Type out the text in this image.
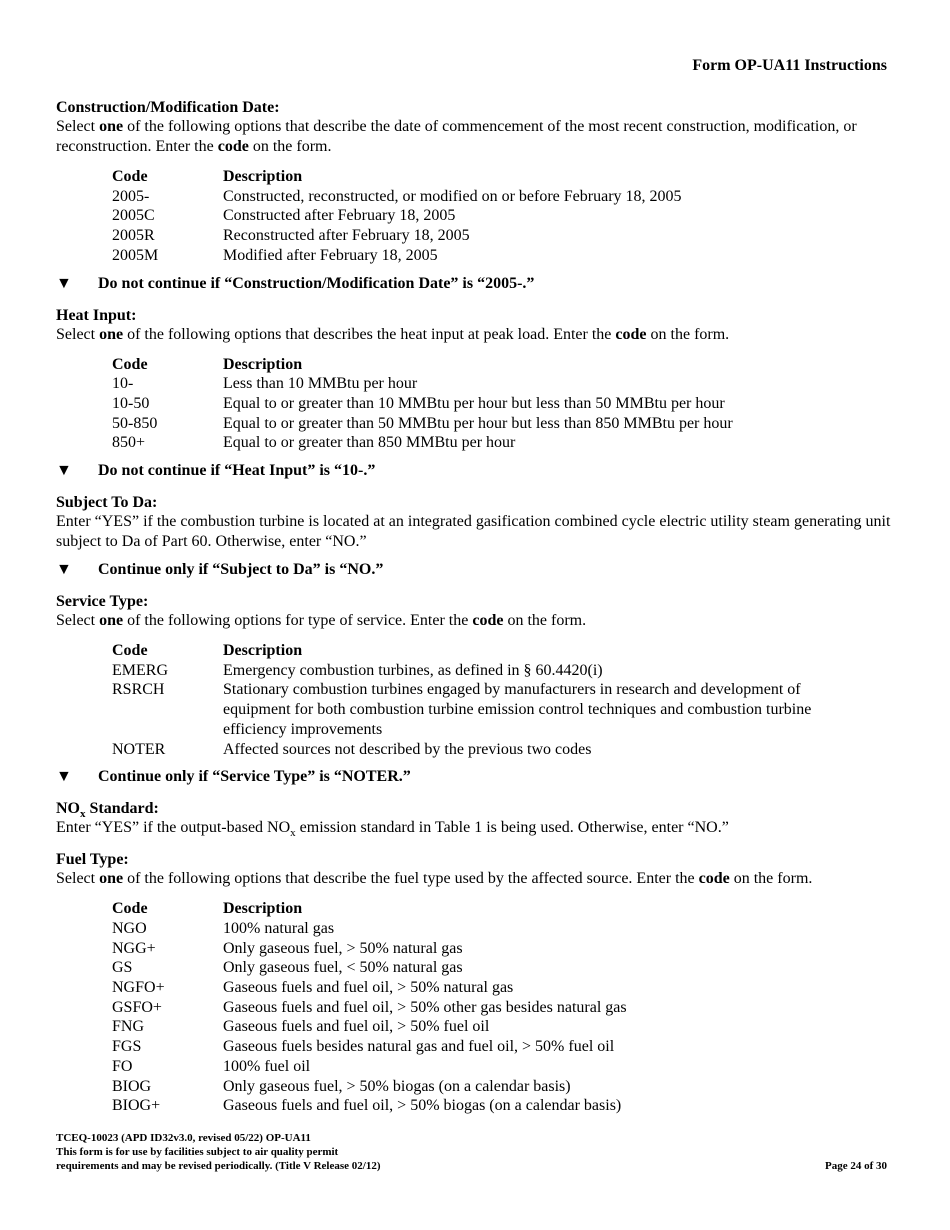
Form OP-UA11 Instructions
Construction/Modification Date:
Select one of the following options that describe the date of commencement of the most recent construction, modification, or reconstruction. Enter the code on the form.
Code	Description
2005-	Constructed, reconstructed, or modified on or before February 18, 2005
2005C	Constructed after February 18, 2005
2005R	Reconstructed after February 18, 2005
2005M	Modified after February 18, 2005
▼	Do not continue if “Construction/Modification Date” is “2005-.”
Heat Input:
Select one of the following options that describes the heat input at peak load. Enter the code on the form.
Code	Description
10-	Less than 10 MMBtu per hour
10-50	Equal to or greater than 10 MMBtu per hour but less than 50 MMBtu per hour
50-850	Equal to or greater than 50 MMBtu per hour but less than 850 MMBtu per hour
850+	Equal to or greater than 850 MMBtu per hour
▼	Do not continue if “Heat Input” is “10-.”
Subject To Da:
Enter “YES” if the combustion turbine is located at an integrated gasification combined cycle electric utility steam generating unit subject to Da of Part 60. Otherwise, enter “NO.”
▼	Continue only if “Subject to Da” is “NO.”
Service Type:
Select one of the following options for type of service. Enter the code on the form.
Code	Description
EMERG	Emergency combustion turbines, as defined in § 60.4420(i)
RSRCH	Stationary combustion turbines engaged by manufacturers in research and development of equipment for both combustion turbine emission control techniques and combustion turbine efficiency improvements
NOTER	Affected sources not described by the previous two codes
▼	Continue only if “Service Type” is “NOTER.”
$NO_x$ Standard:
Enter “YES” if the output-based $NO_x$ emission standard in Table 1 is being used. Otherwise, enter “NO.”
Fuel Type:
Select one of the following options that describe the fuel type used by the affected source. Enter the code on the form.
Code	Description
NGO	100% natural gas
NGG+	Only gaseous fuel, > 50% natural gas
GS	Only gaseous fuel, < 50% natural gas
NGFO+	Gaseous fuels and fuel oil, > 50% natural gas
GSFO+	Gaseous fuels and fuel oil, > 50% other gas besides natural gas
FNG	Gaseous fuels and fuel oil, > 50% fuel oil
FGS	Gaseous fuels besides natural gas and fuel oil, > 50% fuel oil
FO	100% fuel oil
BIOG	Only gaseous fuel, > 50% biogas (on a calendar basis)
BIOG+	Gaseous fuels and fuel oil, > 50% biogas (on a calendar basis)
TCEQ-10023 (APD ID32v3.0, revised 05/22) OP-UA11
This form is for use by facilities subject to air quality permit
requirements and may be revised periodically. (Title V Release 02/12)	Page 24 of 30
